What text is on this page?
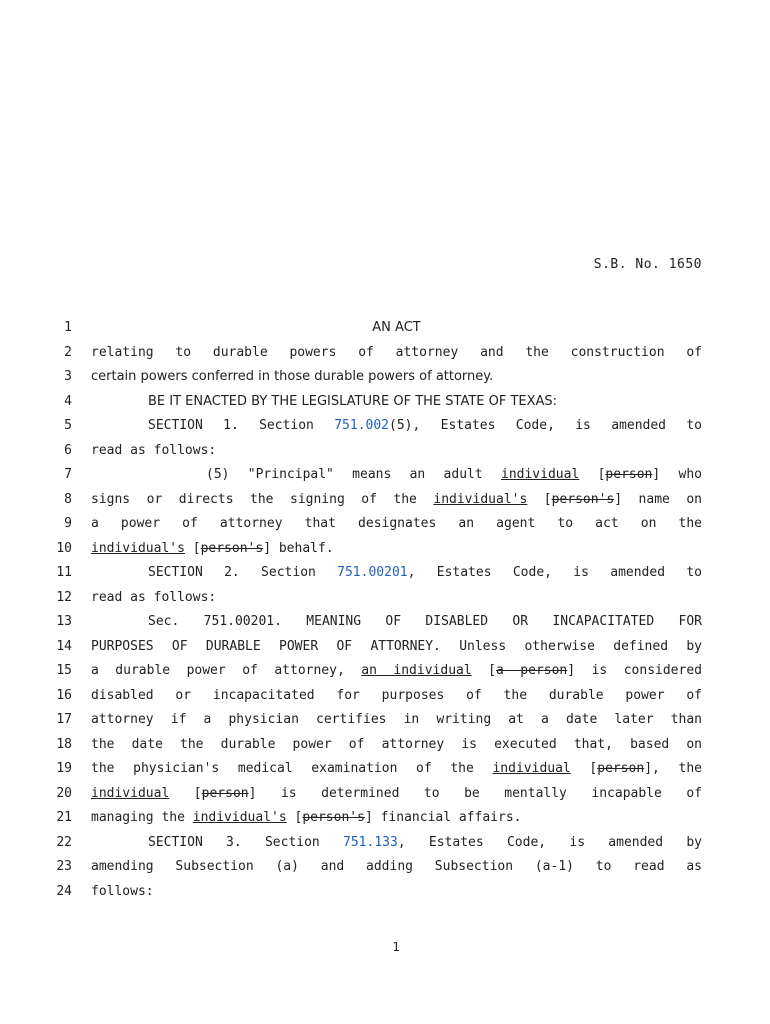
S.B. No. 1650
1	AN ACT
2 relating to durable powers of attorney and the construction of
3 certain powers conferred in those durable powers of attorney.
4	BE IT ENACTED BY THE LEGISLATURE OF THE STATE OF TEXAS:
5	SECTION 1. Section 751.002(5), Estates Code, is amended to
6 read as follows:
7	(5) "Principal" means an adult individual [person] who
8 signs or directs the signing of the individual's [person's] name on
9 a power of attorney that designates an agent to act on the
10 individual's [person's] behalf.
11	SECTION 2. Section 751.00201, Estates Code, is amended to
12 read as follows:
13	Sec. 751.00201. MEANING OF DISABLED OR INCAPACITATED FOR
14 PURPOSES OF DURABLE POWER OF ATTORNEY. Unless otherwise defined by
15 a durable power of attorney, an individual [a person] is considered
16 disabled or incapacitated for purposes of the durable power of
17 attorney if a physician certifies in writing at a date later than
18 the date the durable power of attorney is executed that, based on
19 the physician's medical examination of the individual [person], the
20 individual [person] is determined to be mentally incapable of
21 managing the individual's [person's] financial affairs.
22	SECTION 3. Section 751.133, Estates Code, is amended by
23 amending Subsection (a) and adding Subsection (a-1) to read as
24 follows:
1
